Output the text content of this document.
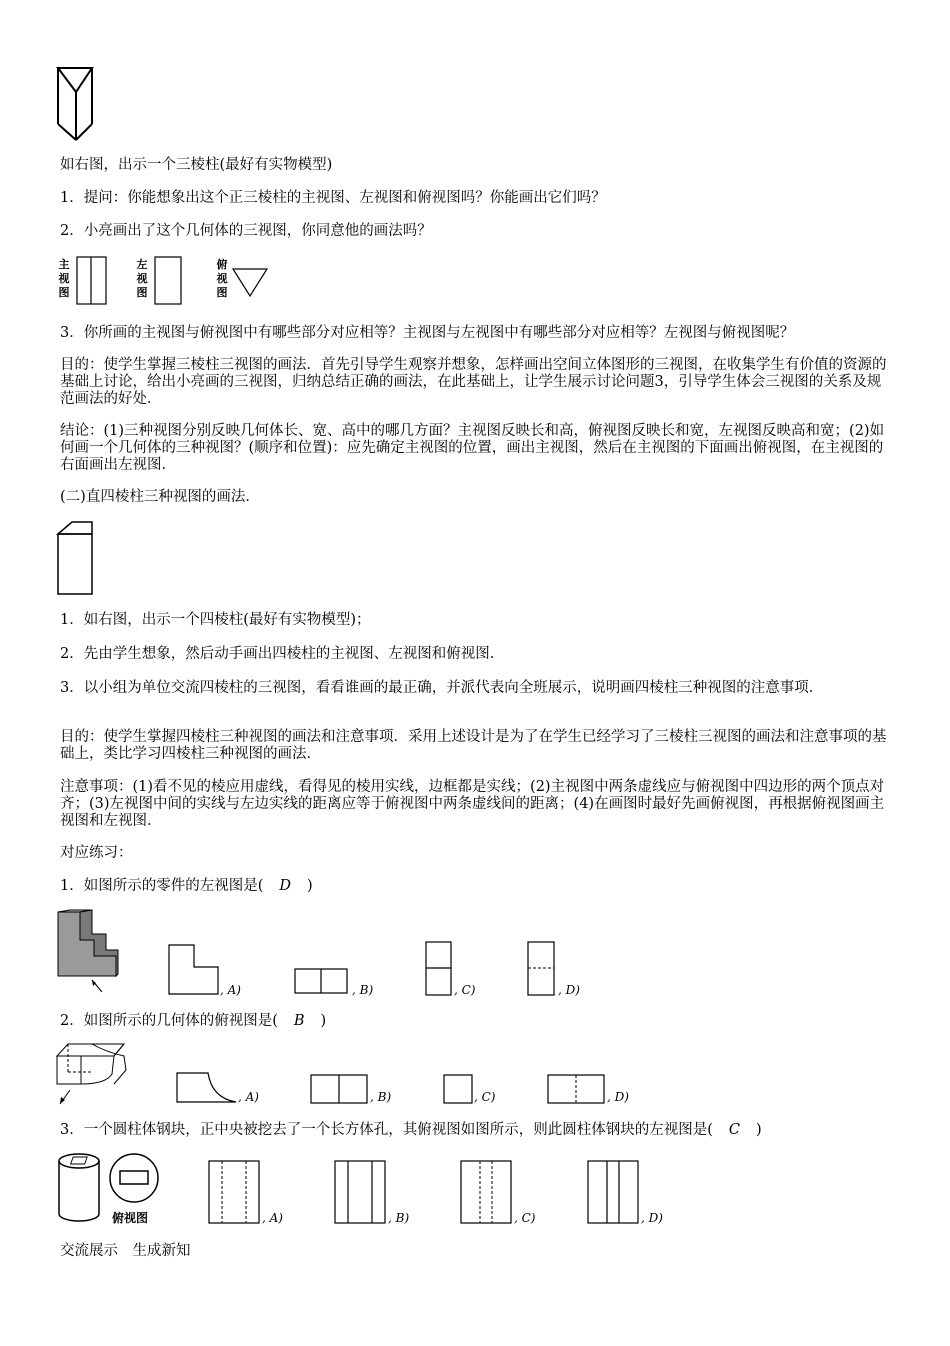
如右图，出示一个三棱柱(最好有实物模型)
1．提问：你能想象出这个正三棱柱的主视图、左视图和俯视图吗？你能画出它们吗？
2．小亮画出了这个几何体的三视图，你同意他的画法吗？
主视图
左视图
俯视图
3．你所画的主视图与俯视图中有哪些部分对应相等？主视图与左视图中有哪些部分对应相等？左视图与俯视图呢？
目的：使学生掌握三棱柱三视图的画法．首先引导学生观察并想象，怎样画出空间立体图形的三视图，在收集学生有价值的资源的基础上讨论，给出小亮画的三视图，归纳总结正确的画法，在此基础上，让学生展示讨论问题3，引导学生体会三视图的关系及规范画法的好处．
结论：(1)三种视图分别反映几何体长、宽、高中的哪几方面？主视图反映长和高，俯视图反映长和宽，左视图反映高和宽；(2)如何画一个几何体的三种视图？(顺序和位置)：应先确定主视图的位置，画出主视图，然后在主视图的下面画出俯视图，在主视图的右面画出左视图．
(二)直四棱柱三种视图的画法．
1．如右图，出示一个四棱柱(最好有实物模型)；
2．先由学生想象，然后动手画出四棱柱的主视图、左视图和俯视图．
3．以小组为单位交流四棱柱的三视图，看看谁画的最正确，并派代表向全班展示，说明画四棱柱三种视图的注意事项．
目的：使学生掌握四棱柱三种视图的画法和注意事项．采用上述设计是为了在学生已经学习了三棱柱三视图的画法和注意事项的基础上，类比学习四棱柱三种视图的画法．
注意事项：(1)看不见的棱应用虚线，看得见的棱用实线，边框都是实线；(2)主视图中两条虚线应与俯视图中四边形的两个顶点对齐；(3)左视图中间的实线与左边实线的距离应等于俯视图中两条虚线间的距离；(4)在画图时最好先画俯视图，再根据俯视图画主视图和左视图．
对应练习：
1．如图所示的零件的左视图是( D )
, A)	, B)	, C)	, D)
2．如图所示的几何体的俯视图是( B )
, A)	, B)	, C)	, D)
3．一个圆柱体钢块，正中央被挖去了一个长方体孔，其俯视图如图所示，则此圆柱体钢块的左视图是( C )
俯视图	, A)	, B)	, C)	, D)
交流展示　生成新知
